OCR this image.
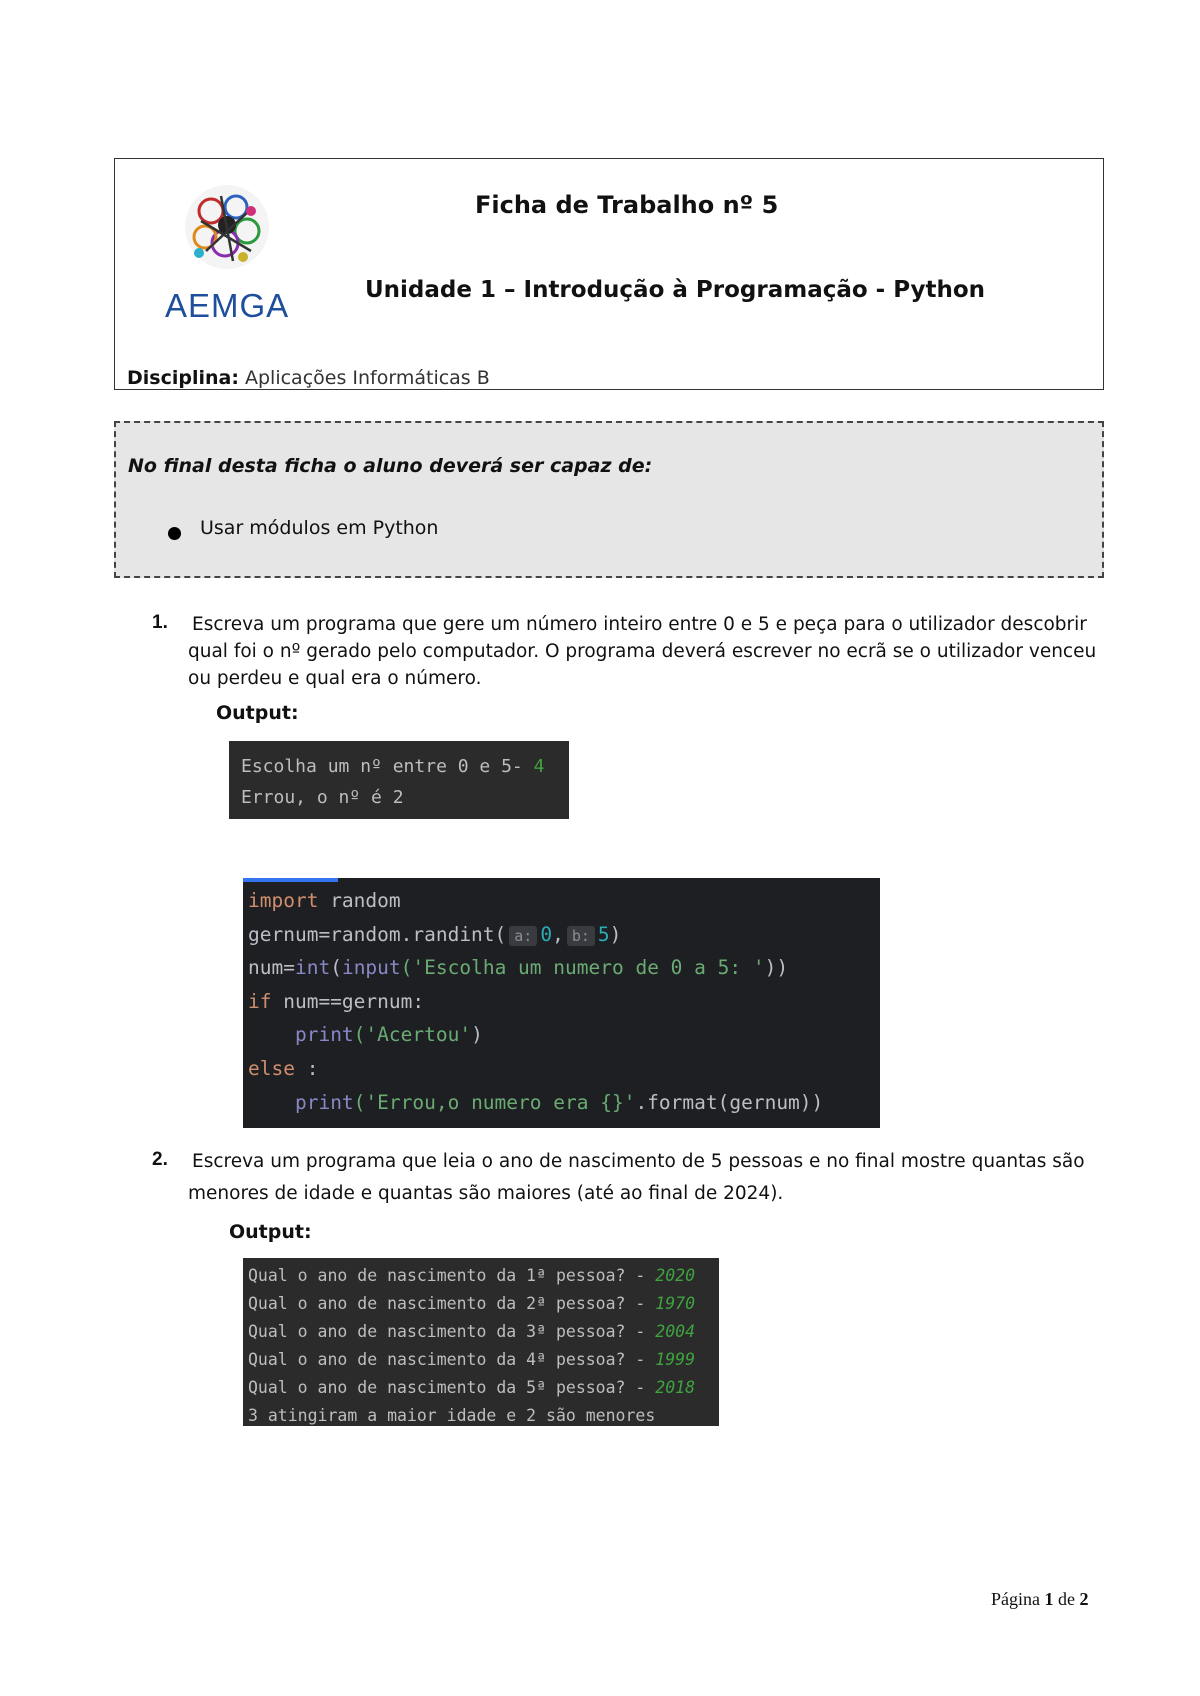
AEMGA
Ficha de Trabalho nº 5
Unidade 1 – Introdução à Programação - Python
Disciplina: Aplicações Informáticas B
No final desta ficha o aluno deverá ser capaz de:
Usar módulos em Python
1. Escreva um programa que gere um número inteiro entre 0 e 5 e peça para o utilizador descobrir
qual foi o nº gerado pelo computador. O programa deverá escrever no ecrã se o utilizador venceu
ou perdeu e qual era o número.
Output:
Escolha um nº entre 0 e 5- 4
Errou, o nº é 2
import random
gernum=random.randint( a: 0, b: 5)
num=int(input('Escolha um numero de 0 a 5: '))
if num==gernum:
print('Acertou')
else :
print('Errou,o numero era {}'.format(gernum))
2. Escreva um programa que leia o ano de nascimento de 5 pessoas e no final mostre quantas são
menores de idade e quantas são maiores (até ao final de 2024).
Output:
Qual o ano de nascimento da 1ª pessoa? - 2020
Qual o ano de nascimento da 2ª pessoa? - 1970
Qual o ano de nascimento da 3ª pessoa? - 2004
Qual o ano de nascimento da 4ª pessoa? - 1999
Qual o ano de nascimento da 5ª pessoa? - 2018
3 atingiram a maior idade e 2 são menores
Página 1 de 2
